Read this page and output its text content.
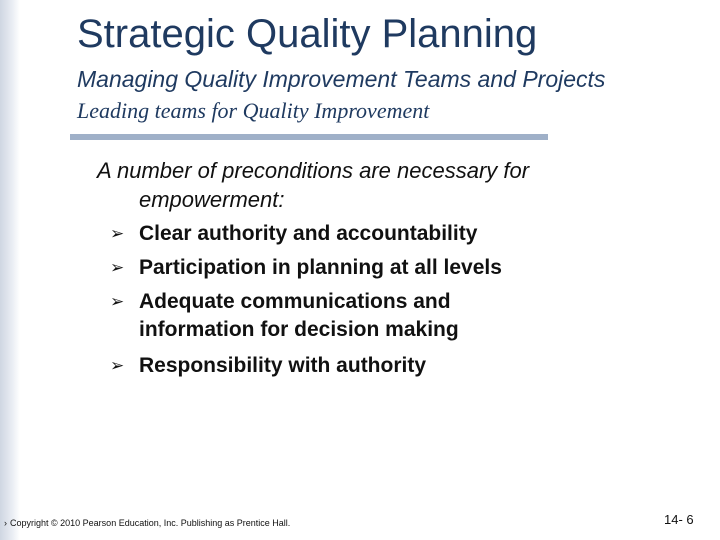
Strategic Quality Planning
Managing Quality Improvement Teams and Projects
Leading teams for Quality Improvement
A number of preconditions are necessary for
empowerment:
➢ Clear authority and accountability
➢ Participation in planning at all levels
➢ Adequate communications and
information for decision making
➢ Responsibility with authority
› Copyright © 2010 Pearson Education, Inc. Publishing as Prentice Hall.	14- 6
